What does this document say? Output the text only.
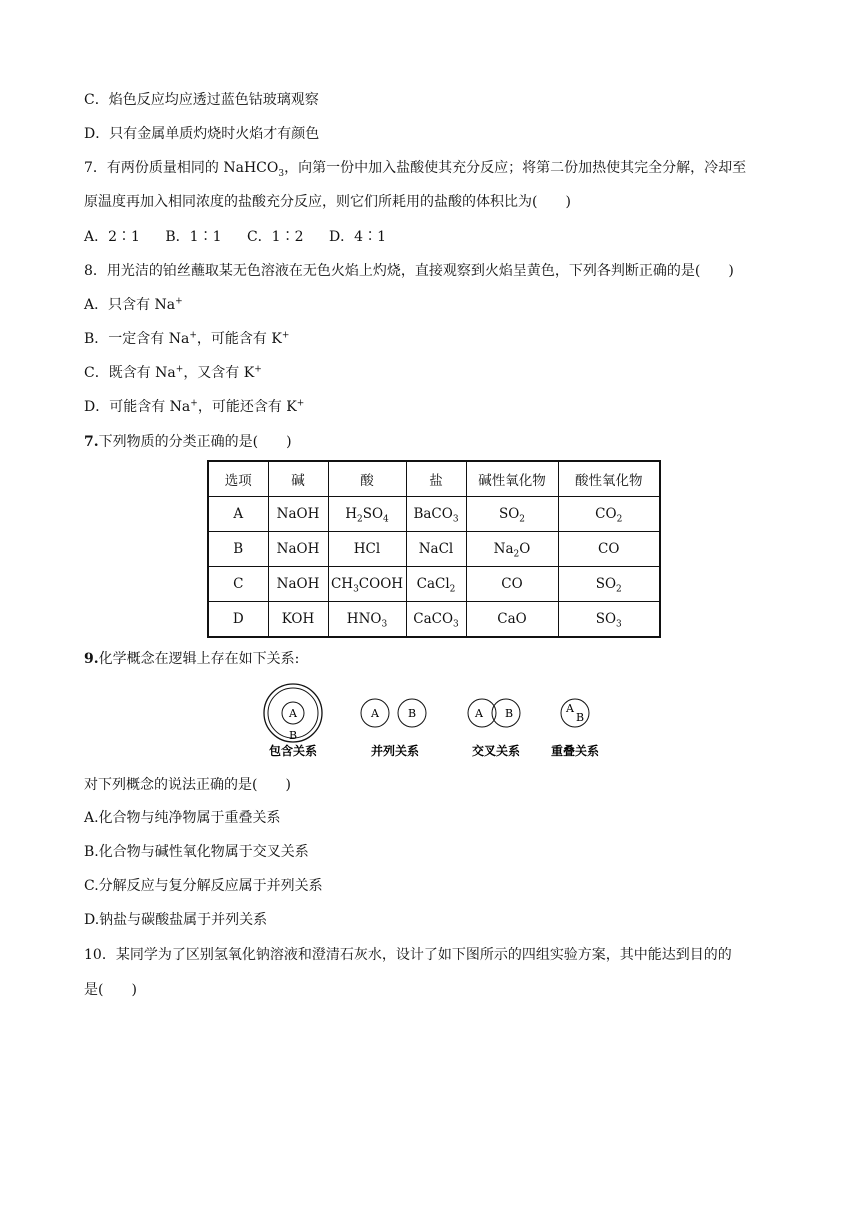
C．焰色反应均应透过蓝色钴玻璃观察
D．只有金属单质灼烧时火焰才有颜色
7．有两份质量相同的 NaHCO$_3$，向第一份中加入盐酸使其充分反应；将第二份加热使其完全分解，冷却至
原温度再加入相同浓度的盐酸充分反应，则它们所耗用的盐酸的体积比为(　　)
A．2∶1   B．1∶1   C．1∶2   D．4∶1
8．用光洁的铂丝蘸取某无色溶液在无色火焰上灼烧，直接观察到火焰呈黄色，下列各判断正确的是(　　)
A．只含有 Na+
B．一定含有 Na+，可能含有 K+
C．既含有 Na+，又含有 K+
D．可能含有 Na+，可能还含有 K+
7.下列物质的分类正确的是(　　)
选项	碱	酸	盐	碱性氧化物	酸性氧化物
A	NaOH	$H_2SO_4$	BaCO$_3$	$SO_2$	$CO_2$
B	NaOH	HCl	NaCl	$Na_2O$	CO
C	NaOH	$CH_3COOH$	CaCl$_2$	CO	$SO_2$
D	KOH	$HNO_3$	CaCO$_3$	CaO	$SO_3$
9.化学概念在逻辑上存在如下关系:
A
B
包含关系
A	B
并列关系
A B
交叉关系
A
B
重叠关系
对下列概念的说法正确的是(　　)
A.化合物与纯净物属于重叠关系
B.化合物与碱性氧化物属于交叉关系
C.分解反应与复分解反应属于并列关系
D.钠盐与碳酸盐属于并列关系
10．某同学为了区别氢氧化钠溶液和澄清石灰水，设计了如下图所示的四组实验方案，其中能达到目的的
是(　　)
